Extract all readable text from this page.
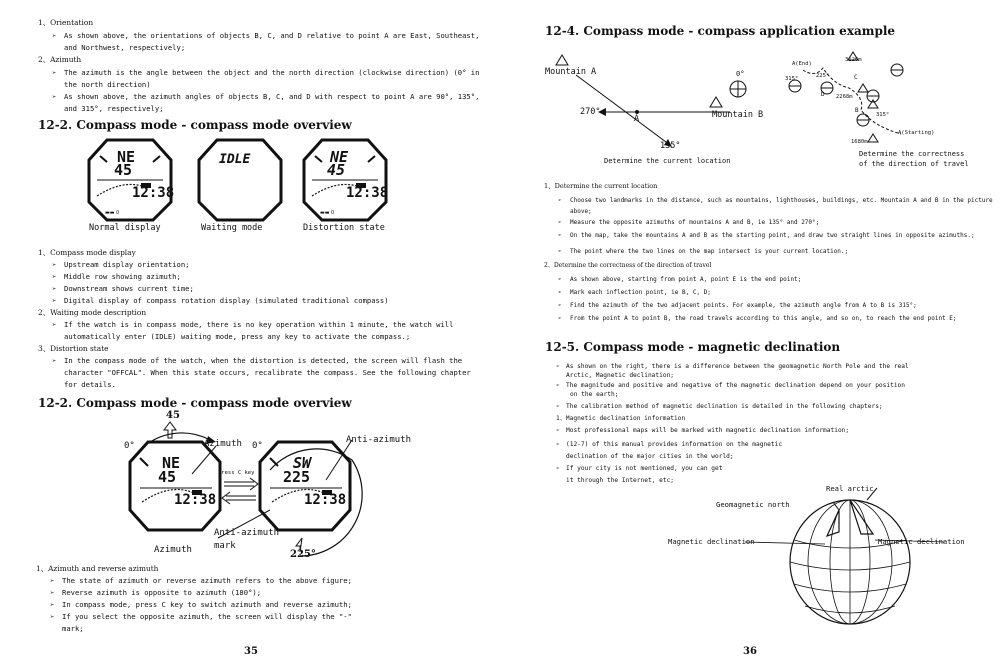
1、Orientation
➢ As shown above, the orientations of objects B, C, and D relative to point A are East, Southeast,
and Northwest, respectively;
2、Azimuth
➢ The azimuth is the angle between the object and the north direction (clockwise direction) (0° in
the north direction)
➢ As shown above, the azimuth angles of objects B, C, and D with respect to point A are 90°, 135°,
and 315°, respectively;
12-2. Compass mode - compass mode overview
▬▬ 0
NE
45
12:38
Normal display
IDLE
Waiting mode
▬▬ 0
NE
45
12:38
Distortion state
1、Compass mode display
➢ Upstream display orientation;
➢ Middle row showing azimuth;
➢ Downstream shows current time;
➢ Digital display of compass rotation display (simulated traditional compass)
2、Waiting mode description
➢ If the watch is in compass mode, there is no key operation within 1 minute, the watch will
automatically enter (IDLE) waiting mode, press any key to activate the compass.;
3、Distortion state
➢ In the compass mode of the watch, when the distortion is detected, the screen will flash the
character "OFFCAL". When this state occurs, recalibrate the compass. See the following chapter
for details.
12-2. Compass mode - compass mode overview
45
0°	0°
Azimuth	Anti-azimuth
NE
45
12:38
Press C key
SW
225
12:38
Anti-azimuth
mark
Azimuth	225°
1、Azimuth and reverse azimuth
➢ The state of azimuth or reverse azimuth refers to the above figure;
➢ Reverse azimuth is opposite to azimuth (180°);
➢ In compass mode, press C key to switch azimuth and reverse azimuth;
➢ If you select the opposite azimuth, the screen will display the "-"
mark;
35
12-4. Compass mode - compass application example
Mountain A
Mountain B
0°
270°
A
135°
Determine the current location
A(End)
3126m
315°	225°	C
D 2268m
B
315°
A(Starting)
1680m
Determine the correctness
of the direction of travel
1、Determine the current location
➢ Choose two landmarks in the distance, such as mountains, lighthouses, buildings, etc. Mountain A and B in the picture
above;
➢ Measure the opposite azimuths of mountains A and B, ie 135° and 270°;
➢ On the map, take the mountains A and B as the starting point, and draw two straight lines in opposite azimuths.;
➢ The point where the two lines on the map intersect is your current location.;
2、Determine the correctness of the direction of travel
➢ As shown above, starting from point A, point E is the end point;
➢ Mark each inflection point, ie B, C, D;
➢ Find the azimuth of the two adjacent points. For example, the azimuth angle from A to B is 315°;
➢ From the point A to point B, the road travels according to this angle, and so on, to reach the end point E;
12-5. Compass mode - magnetic declination
➢ As shown on the right, there is a difference between the geomagnetic North Pole and the real
Arctic, Magnetic declination;
➢ The magnitude and positive and negative of the magnetic declination depend on your position
on the earth;
➢ The calibration method of magnetic declination is detailed in the following chapters;
1、Magnetic declination information
➢ Most professional maps will be marked with magnetic declination information;
➢ (12-7) of this manual provides information on the magnetic
declination of the major cities in the world;
➢ If your city is not mentioned, you can get
it through the Internet, etc;
Real arctic
Geomagnetic north
Magnetic declination	Magnetic declination
36
